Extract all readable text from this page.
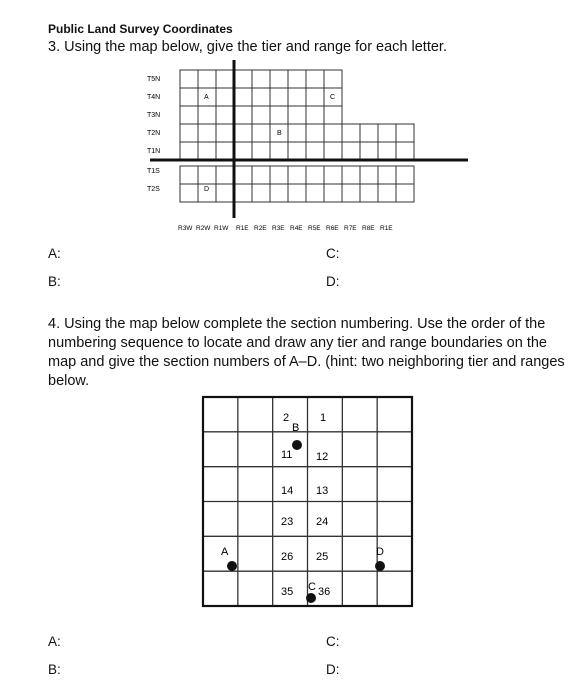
Public Land Survey Coordinates
3. Using the map below, give the tier and range for each letter.
T5N
T4N
T3N
T2N
T1N
T1S
T2S
R3W R2W R1W R1E R2E R3E R4E R5E R6E R7E R8E R1E
A	C
B
D
A:	C:
B:	D:
4. Using the map below complete the section numbering. Use the order of the numbering sequence to locate and draw any tier and range boundaries on the map and give the section numbers of A–D. (hint: two neighboring tier and ranges below.
2	1
11 12
14 13
23 24
26 25
35 36
B
A	D
C
A:	C:
B:	D:
